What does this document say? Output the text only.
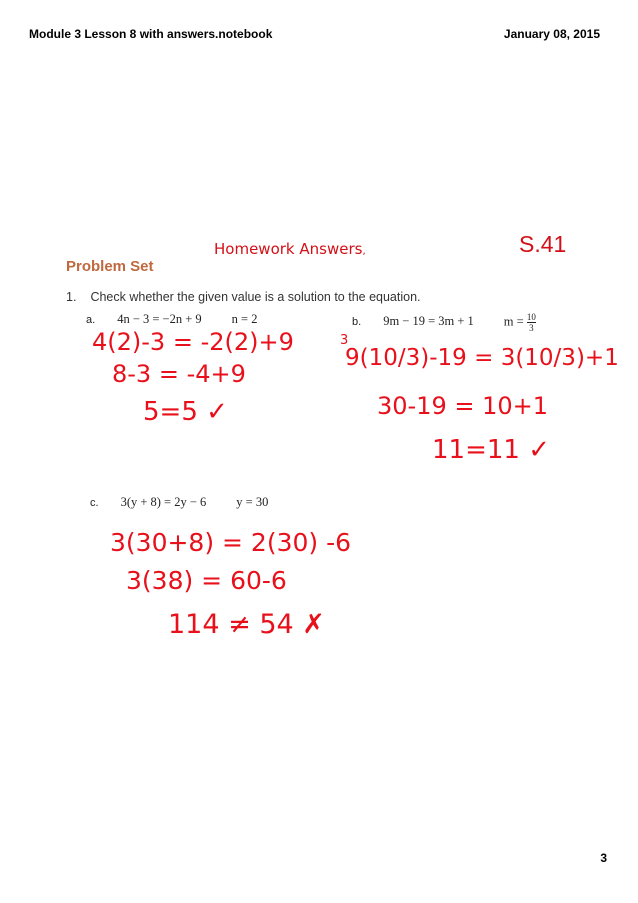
Module 3 Lesson 8 with answers.notebook	January 08, 2015
Homework Answers,	S.41
Problem Set
1. Check whether the given value is a solution to the equation.
a. 4n − 3 = −2n + 9 n = 2	b. 9m − 19 = 3m + 1 $m = \frac{10}{3}$
c. 3(y + 8) = 2y − 6 y = 30
4(2)-3 = -2(2)+9
8-3 = -4+9
5=5 ✓
3
9(10/3)-19 = 3(10/3)+1
30-19 = 10+1
11=11 ✓
3(30+8) = 2(30) -6
3(38) = 60-6
114 ≠ 54 ✗
3
